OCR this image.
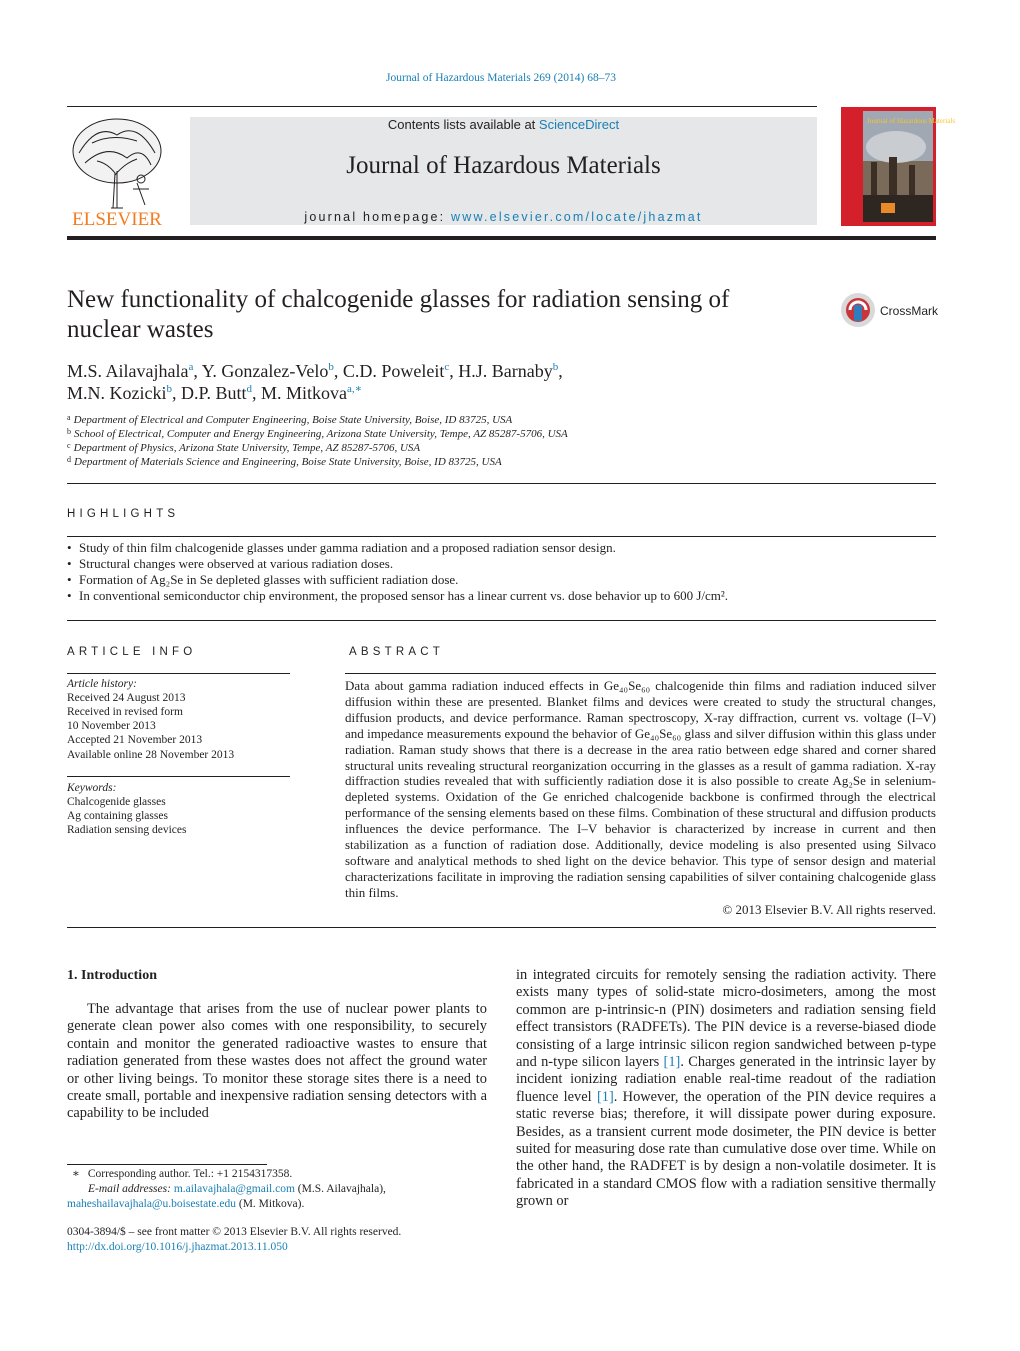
Journal of Hazardous Materials 269 (2014) 68–73
ELSEVIER
Contents lists available at ScienceDirect
Journal of Hazardous Materials
journal homepage: www.elsevier.com/locate/jhazmat
Journal of Hazardous Materials
New functionality of chalcogenide glasses for radiation sensing of nuclear wastes
CrossMark
M.S. Ailavajhala$^a$, Y. Gonzalez-Velo$^b$, C.D. Poweleit$^c$, H.J. Barnaby$^b$,
M.N. Kozicki$^b$, D.P. Butt$^d$, M. Mitkova$^{a,∗}$
$^a$ Department of Electrical and Computer Engineering, Boise State University, Boise, ID 83725, USA
$^b$ School of Electrical, Computer and Energy Engineering, Arizona State University, Tempe, AZ 85287-5706, USA
$^c$ Department of Physics, Arizona State University, Tempe, AZ 85287-5706, USA
$^d$ Department of Materials Science and Engineering, Boise State University, Boise, ID 83725, USA
HIGHLIGHTS
• Study of thin film chalcogenide glasses under gamma radiation and a proposed radiation sensor design.
• Structural changes were observed at various radiation doses.
• Formation of Ag₂Se in Se depleted glasses with sufficient radiation dose.
• In conventional semiconductor chip environment, the proposed sensor has a linear current vs. dose behavior up to 600 J/cm².
ARTICLE INFO
Article history:
Received 24 August 2013
Received in revised form
10 November 2013
Accepted 21 November 2013
Available online 28 November 2013
Keywords:
Chalcogenide glasses
Ag containing glasses
Radiation sensing devices
ABSTRACT
Data about gamma radiation induced effects in Ge₄₀Se₆₀ chalcogenide thin films and radiation induced silver diffusion within these are presented. Blanket films and devices were created to study the structural changes, diffusion products, and device performance. Raman spectroscopy, X-ray diffraction, current vs. voltage (I–V) and impedance measurements expound the behavior of Ge₄₀Se₆₀ glass and silver diffusion within this glass under radiation. Raman study shows that there is a decrease in the area ratio between edge shared and corner shared structural units revealing structural reorganization occurring in the glasses as a result of gamma radiation. X-ray diffraction studies revealed that with sufficiently radiation dose it is also possible to create Ag₂Se in selenium-depleted systems. Oxidation of the Ge enriched chalcogenide backbone is confirmed through the electrical performance of the sensing elements based on these films. Combination of these structural and diffusion products influences the device performance. The I–V behavior is characterized by increase in current and then stabilization as a function of radiation dose. Additionally, device modeling is also presented using Silvaco software and analytical methods to shed light on the device behavior. This type of sensor design and material characterizations facilitate in improving the radiation sensing capabilities of silver containing chalcogenide glass thin films.
© 2013 Elsevier B.V. All rights reserved.
1. Introduction
The advantage that arises from the use of nuclear power plants to generate clean power also comes with one responsibility, to securely contain and monitor the generated radioactive wastes to ensure that radiation generated from these wastes does not affect the ground water or other living beings. To monitor these storage sites there is a need to create small, portable and inexpensive radiation sensing detectors with a capability to be included
in integrated circuits for remotely sensing the radiation activity. There exists many types of solid-state micro-dosimeters, among the most common are p-intrinsic-n (PIN) dosimeters and radiation sensing field effect transistors (RADFETs). The PIN device is a reverse-biased diode consisting of a large intrinsic silicon region sandwiched between p-type and n-type silicon layers [1]. Charges generated in the intrinsic layer by incident ionizing radiation enable real-time readout of the radiation fluence level [1]. However, the operation of the PIN device requires a static reverse bias; therefore, it will dissipate power during exposure. Besides, as a transient current mode dosimeter, the PIN device is better suited for measuring dose rate than cumulative dose over time. While on the other hand, the RADFET is by design a non-volatile dosimeter. It is fabricated in a standard CMOS flow with a radiation sensitive thermally grown or
∗ Corresponding author. Tel.: +1 2154317358.
E-mail addresses: m.ailavajhala@gmail.com (M.S. Ailavajhala),
maheshailavajhala@u.boisestate.edu (M. Mitkova).
0304-3894/$ – see front matter © 2013 Elsevier B.V. All rights reserved.
http://dx.doi.org/10.1016/j.jhazmat.2013.11.050
